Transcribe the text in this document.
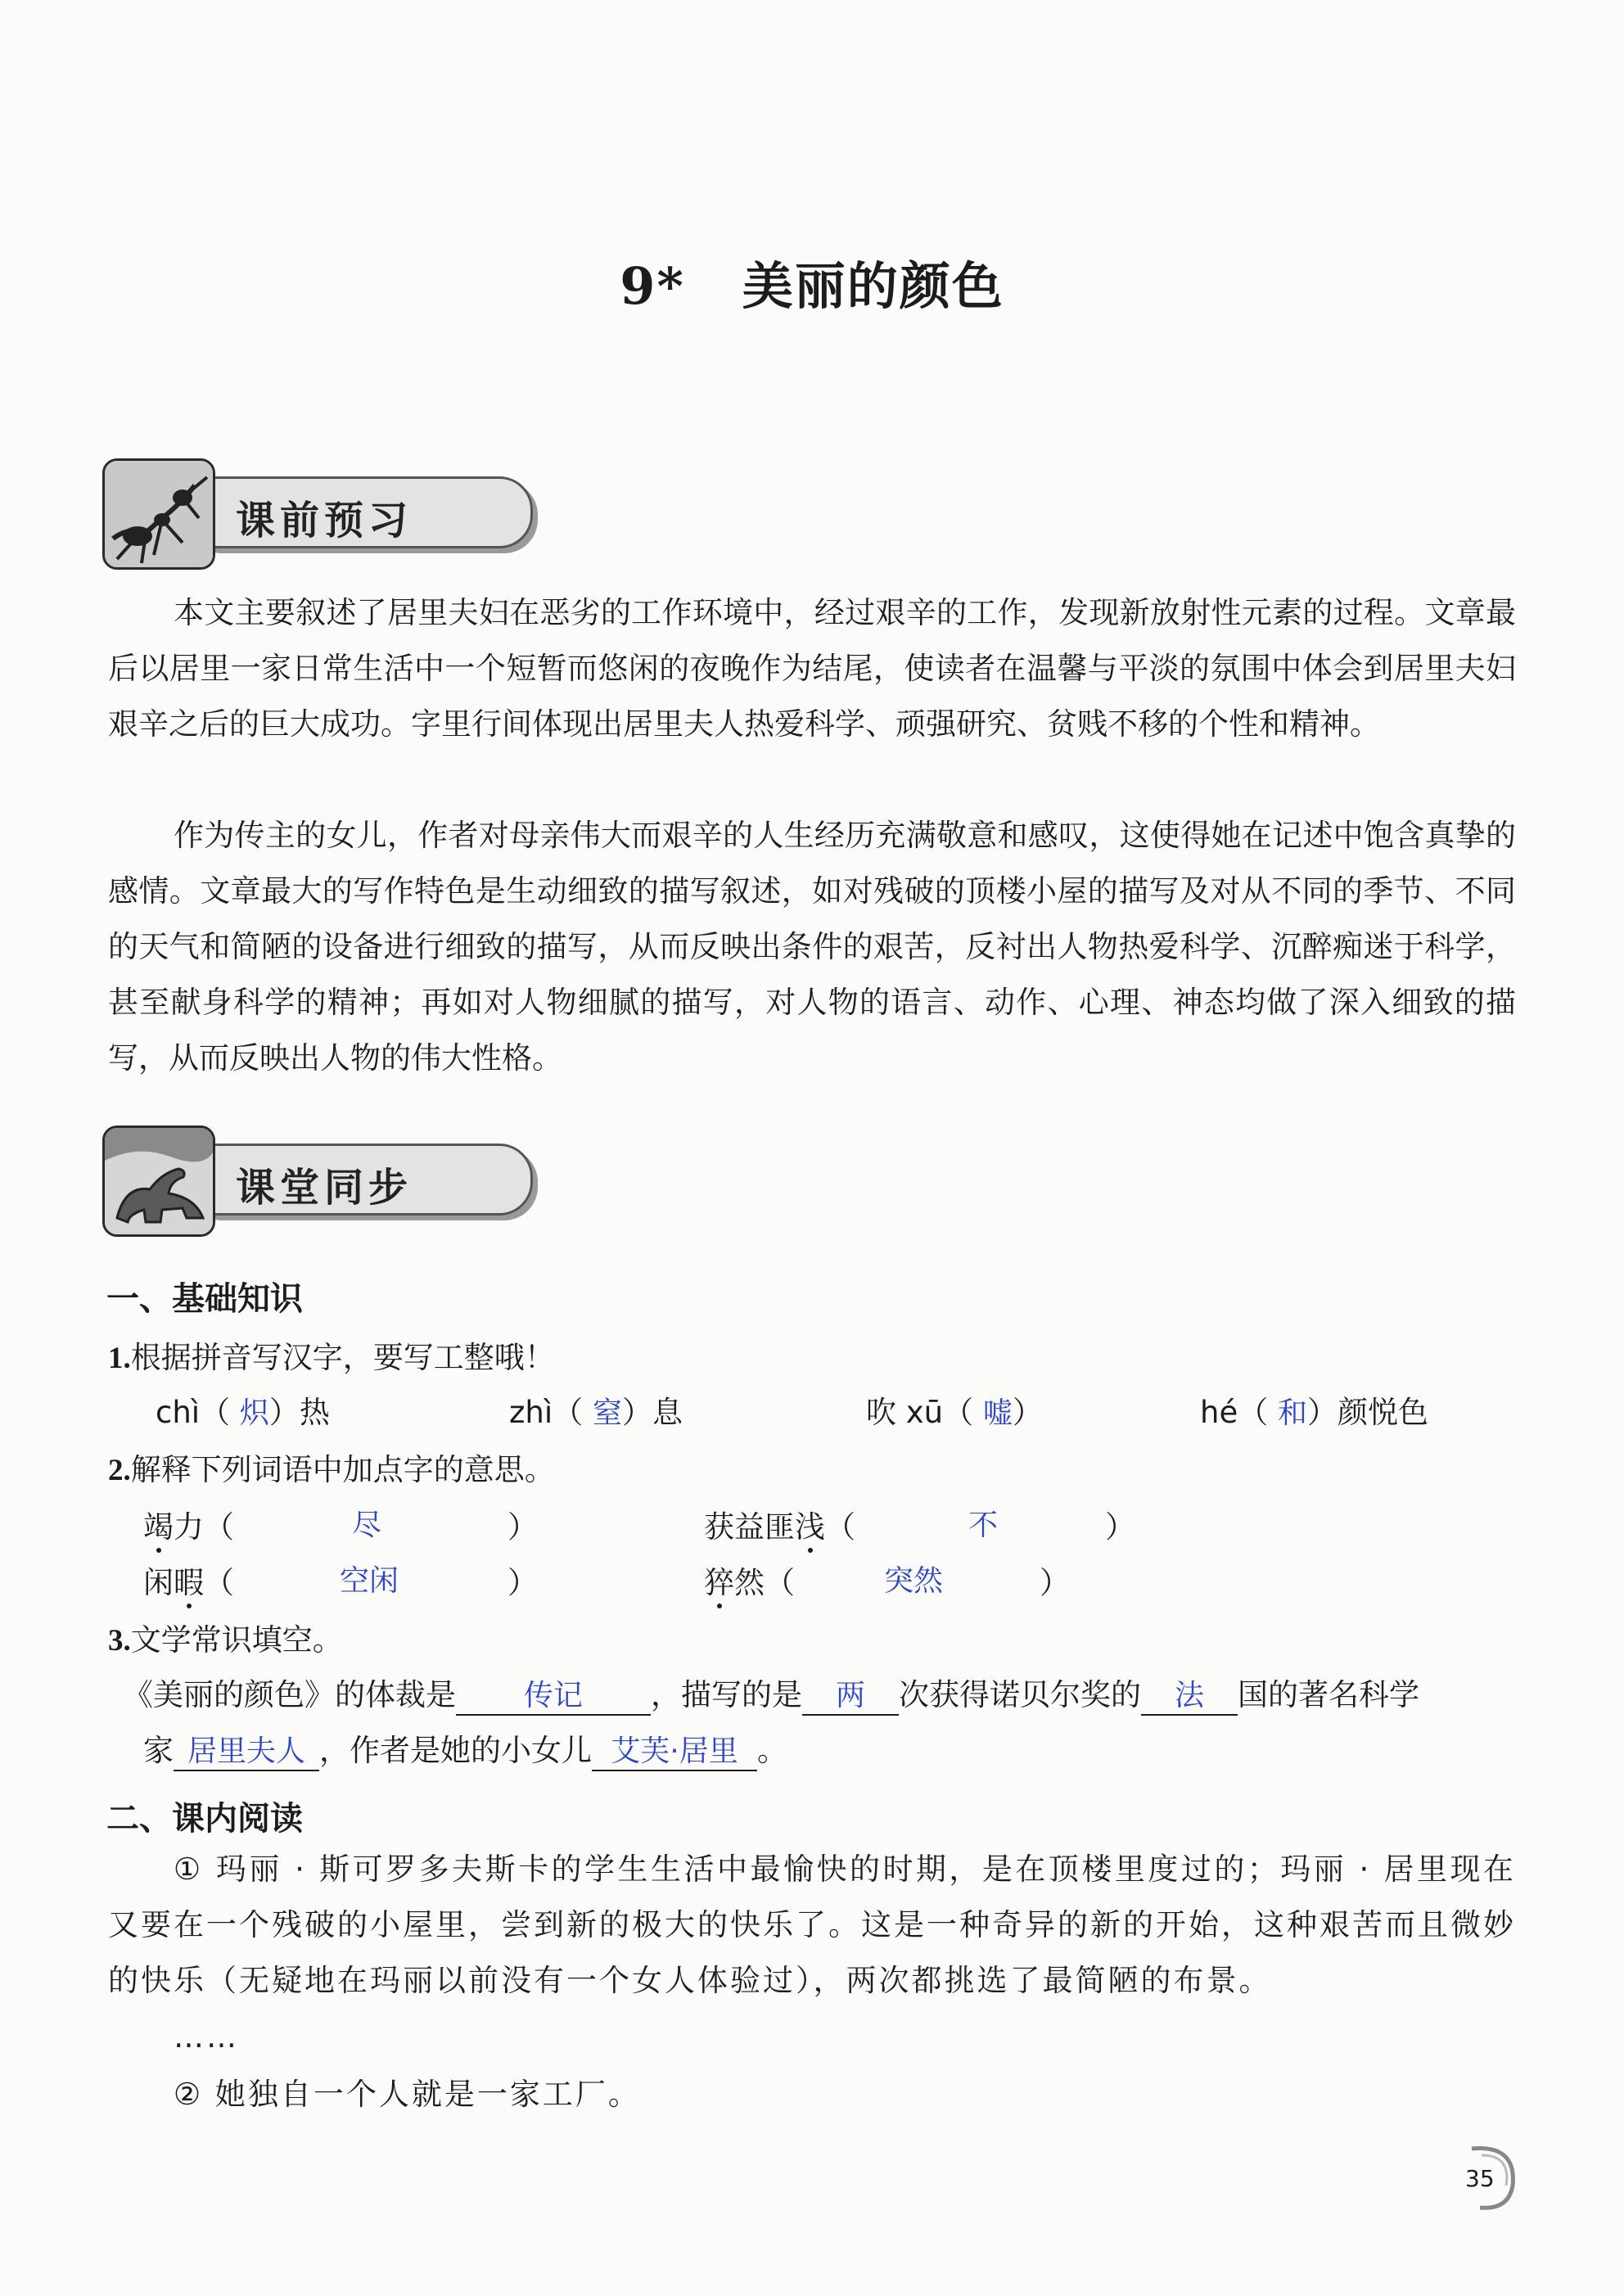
9* 美丽的颜色
课前预习
本文主要叙述了居里夫妇在恶劣的工作环境中，经过艰辛的工作，发现新放射性元素的过程。文章最后以居里一家日常生活中一个短暂而悠闲的夜晚作为结尾，使读者在温馨与平淡的氛围中体会到居里夫妇艰辛之后的巨大成功。字里行间体现出居里夫人热爱科学、顽强研究、贫贱不移的个性和精神。
作为传主的女儿，作者对母亲伟大而艰辛的人生经历充满敬意和感叹，这使得她在记述中饱含真挚的感情。文章最大的写作特色是生动细致的描写叙述，如对残破的顶楼小屋的描写及对从不同的季节、不同的天气和简陋的设备进行细致的描写，从而反映出条件的艰苦，反衬出人物热爱科学、沉醉痴迷于科学，甚至献身科学的精神；再如对人物细腻的描写，对人物的语言、动作、心理、神态均做了深入细致的描写，从而反映出人物的伟大性格。
课堂同步
一、基础知识
1.根据拼音写汉字，要写工整哦！
chì（ 炽）热	zhì（ 窒）息	吹 xū（ 嘘）	hé（ 和）颜悦色
2.解释下列词语中加点字的意思。
竭力（	尽	）	获益匪浅（	不	）
闲暇（	空闲	）	猝然（	突然	）
3.文学常识填空。
《美丽的颜色》的体裁是 传记 ，描写的是 两 次获得诺贝尔奖的 法 国的著名科学
家 居里夫人 ，作者是她的小女儿 艾芙·居里 。
二、课内阅读
① 玛丽 · 斯可罗多夫斯卡的学生生活中最愉快的时期，是在顶楼里度过的；玛丽 · 居里现在又要在一个残破的小屋里，尝到新的极大的快乐了。这是一种奇异的新的开始，这种艰苦而且微妙的快乐（无疑地在玛丽以前没有一个女人体验过），两次都挑选了最简陋的布景。
……
② 她独自一个人就是一家工厂。
35
